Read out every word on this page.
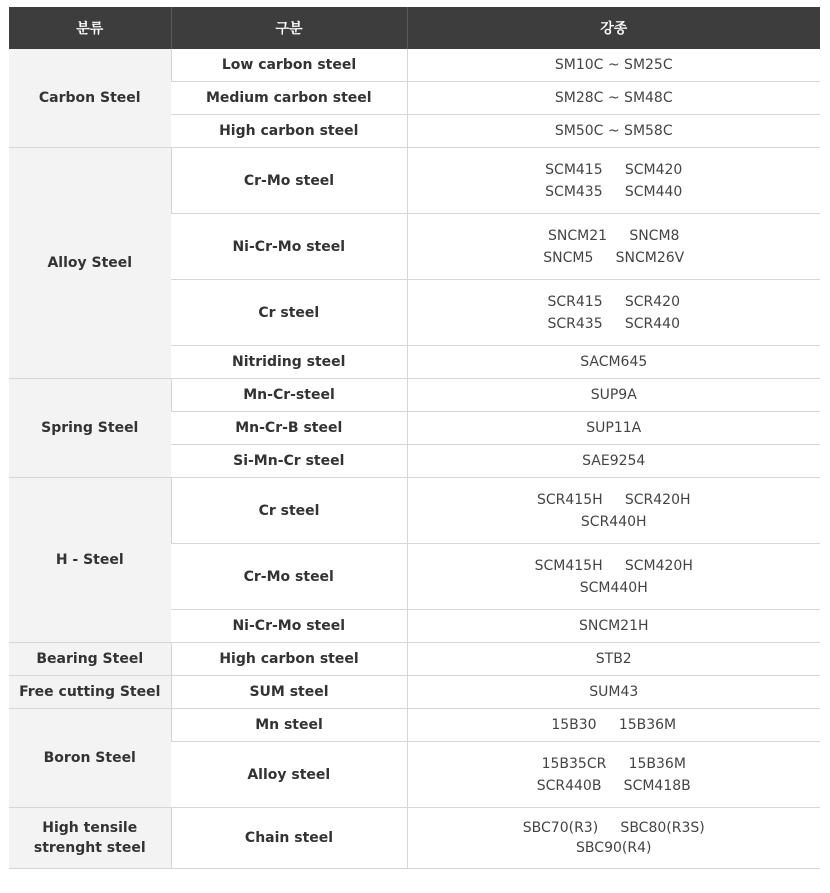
분류	구분	강종
Carbon Steel	Low carbon steel	SM10C ~ SM25C

	Medium carbon steel	SM28C ~ SM48C

	High carbon steel	SM50C ~ SM58C

Alloy Steel	Cr-Mo steel	SCM415     SCM420
SCM435     SCM440

	Ni-Cr-Mo steel	SNCM21     SNCM8
SNCM5     SNCM26V

	Cr steel	SCR415     SCR420
SCR435     SCR440

	Nitriding steel	SACM645

Spring Steel	Mn-Cr-steel	SUP9A

	Mn-Cr-B steel	SUP11A

	Si-Mn-Cr steel	SAE9254

H - Steel	Cr steel	SCR415H     SCR420H
SCR440H

	Cr-Mo steel	SCM415H     SCM420H
SCM440H

	Ni-Cr-Mo steel	SNCM21H

Bearing Steel	High carbon steel	STB2

Free cutting Steel	SUM steel	SUM43

Boron Steel	Mn steel	15B30     15B36M

	Alloy steel	15B35CR     15B36M
SCR440B     SCM418B

High tensile
strenght steel	Chain steel	SBC70(R3)     SBC80(R3S)
SBC90(R4)
